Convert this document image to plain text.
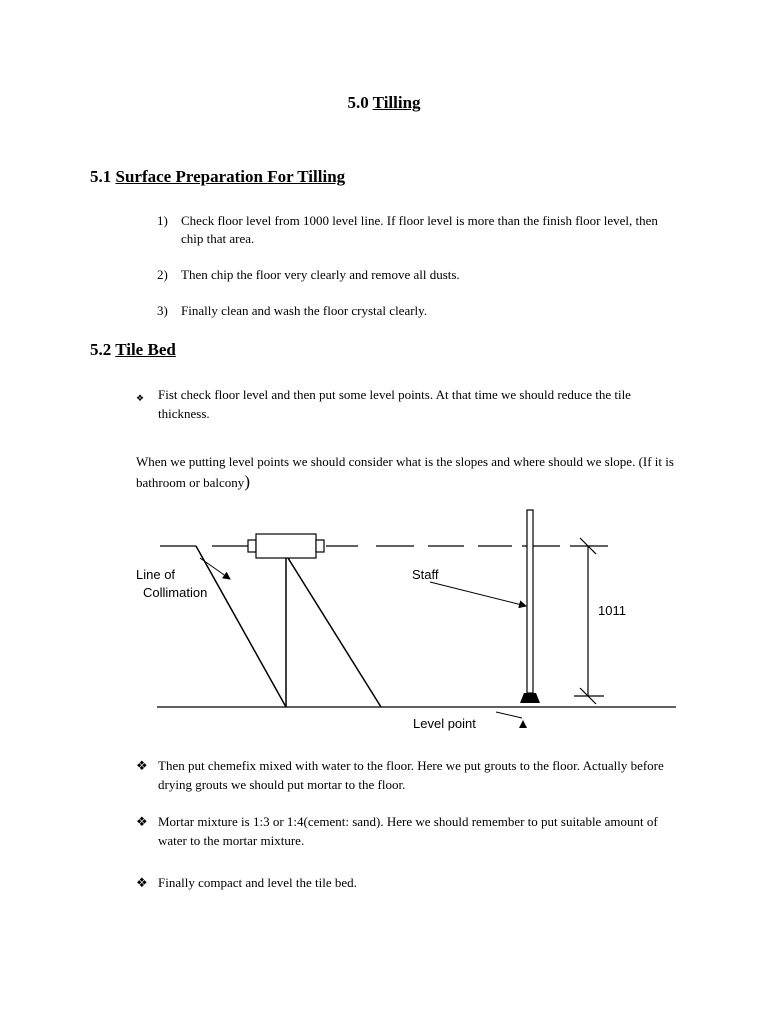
5.0 Tilling
5.1 Surface Preparation For Tilling
1) Check floor level from 1000 level line. If floor level is more than the finish floor level, then chip that area.
2) Then chip the floor very clearly and remove all dusts.
3) Finally clean and wash the floor crystal clearly.
5.2 Tile Bed
❖ Fist check floor level and then put some level points. At that time we should reduce the tile thickness.
When we putting level points we should consider what is the slopes and where should we slope. (If it is bathroom or balcony)
Line of
Collimation
Staff
1011
Level point
❖ Then put chemefix mixed with water to the floor. Here we put grouts to the floor. Actually before drying grouts we should put mortar to the floor.
❖ Mortar mixture is 1:3 or 1:4(cement: sand). Here we should remember to put suitable amount of water to the mortar mixture.
❖ Finally compact and level the tile bed.
